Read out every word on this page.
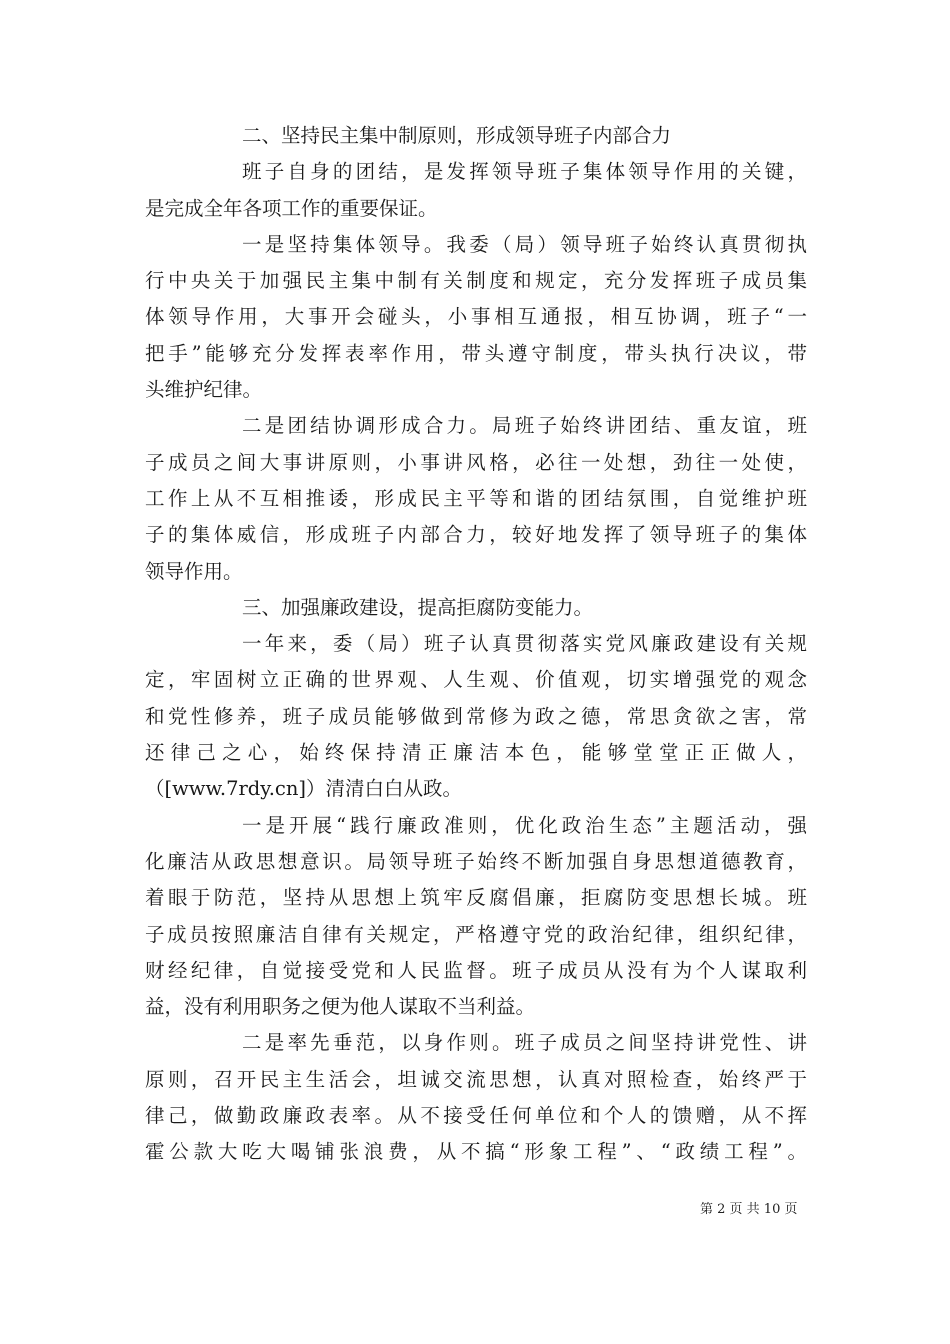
二、坚持民主集中制原则，形成领导班子内部合力
班子自身的团结，是发挥领导班子集体领导作用的关键，
是完成全年各项工作的重要保证。
一是坚持集体领导。我委（局）领导班子始终认真贯彻执
行中央关于加强民主集中制有关制度和规定，充分发挥班子成员集
体领导作用，大事开会碰头，小事相互通报，相互协调，班子“一
把手”能够充分发挥表率作用，带头遵守制度，带头执行决议，带
头维护纪律。
二是团结协调形成合力。局班子始终讲团结、重友谊，班
子成员之间大事讲原则，小事讲风格，必往一处想，劲往一处使，
工作上从不互相推诿，形成民主平等和谐的团结氛围，自觉维护班
子的集体威信，形成班子内部合力，较好地发挥了领导班子的集体
领导作用。
三、加强廉政建设，提高拒腐防变能力。
一年来，委（局）班子认真贯彻落实党风廉政建设有关规
定，牢固树立正确的世界观、人生观、价值观，切实增强党的观念
和党性修养，班子成员能够做到常修为政之德，常思贪欲之害，常
还律己之心，始终保持清正廉洁本色，能够堂堂正正做人，
（[www.7rdy.cn]）清清白白从政。
一是开展“践行廉政准则，优化政治生态”主题活动，强
化廉洁从政思想意识。局领导班子始终不断加强自身思想道德教育，
着眼于防范，坚持从思想上筑牢反腐倡廉，拒腐防变思想长城。班
子成员按照廉洁自律有关规定，严格遵守党的政治纪律，组织纪律，
财经纪律，自觉接受党和人民监督。班子成员从没有为个人谋取利
益，没有利用职务之便为他人谋取不当利益。
二是率先垂范，以身作则。班子成员之间坚持讲党性、讲
原则，召开民主生活会，坦诚交流思想，认真对照检查，始终严于
律己，做勤政廉政表率。从不接受任何单位和个人的馈赠，从不挥
霍公款大吃大喝铺张浪费，从不搞“形象工程”、“政绩工程”。
第 2 页 共 10 页
